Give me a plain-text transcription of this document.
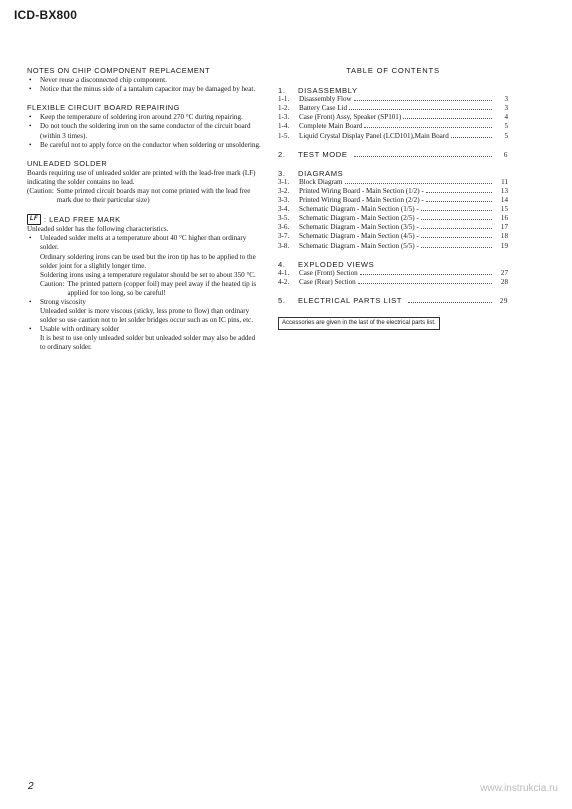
ICD-BX800
NOTES ON CHIP COMPONENT REPLACEMENT
• Never reuse a disconnected chip component.
• Notice that the minus side of a tantalum capacitor may be damaged by heat.
FLEXIBLE CIRCUIT BOARD REPAIRING
• Keep the temperature of soldering iron around 270 °C during repairing.
• Do not touch the soldering iron on the same conductor of the circuit board (within 3 times).
• Be careful not to apply force on the conductor when soldering or unsoldering.
UNLEADED SOLDER
Boards requiring use of unleaded solder are printed with the lead-free mark (LF) indicating the solder contains no lead.
(Caution: Some printed circuit boards may not come printed with the lead free mark due to their particular size)
LF : LEAD FREE MARK
Unleaded solder has the following characteristics.
• Unleaded solder melts at a temperature about 40 °C higher than ordinary solder.
Ordinary soldering irons can be used but the iron tip has to be applied to the solder joint for a slightly longer time.
Soldering irons using a temperature regulator should be set to about 350 °C.
Caution: The printed pattern (copper foil) may peel away if the heated tip is applied for too long, so be careful!
• Strong viscosity
Unleaded solder is more viscous (sticky, less prone to flow) than ordinary solder so use caution not to let solder bridges occur such as on IC pins, etc.
• Usable with ordinary solder
It is best to use only unleaded solder but unleaded solder may also be added to ordinary solder.
TABLE OF CONTENTS
1.	DISASSEMBLY
1-1.	Disassembly Flow	3
1-2.	Battery Case Lid	3
1-3.	Case (Front) Assy, Speaker (SP101)	4
1-4.	Complete Main Board	5
1-5.	Liquid Crystal Display Panel (LCD101),Main Board	5
2.	TEST MODE	6
3.	DIAGRAMS
3-1.	Block Diagram	11
3-2.	Printed Wiring Board - Main Section (1/2) -	13
3-3.	Printed Wiring Board - Main Section (2/2) -	14
3-4.	Schematic Diagram - Main Section (1/5) -	15
3-5.	Schematic Diagram - Main Section (2/5) -	16
3-6.	Schematic Diagram - Main Section (3/5) -	17
3-7.	Schematic Diagram - Main Section (4/5) -	18
3-8.	Schematic Diagram - Main Section (5/5) -	19
4.	EXPLODED VIEWS
4-1.	Case (Front) Section	27
4-2.	Case (Rear) Section	28
5.	ELECTRICAL PARTS LIST	29
Accessories are given in the last of the electrical parts list.
2	www.instrukcia.ru
